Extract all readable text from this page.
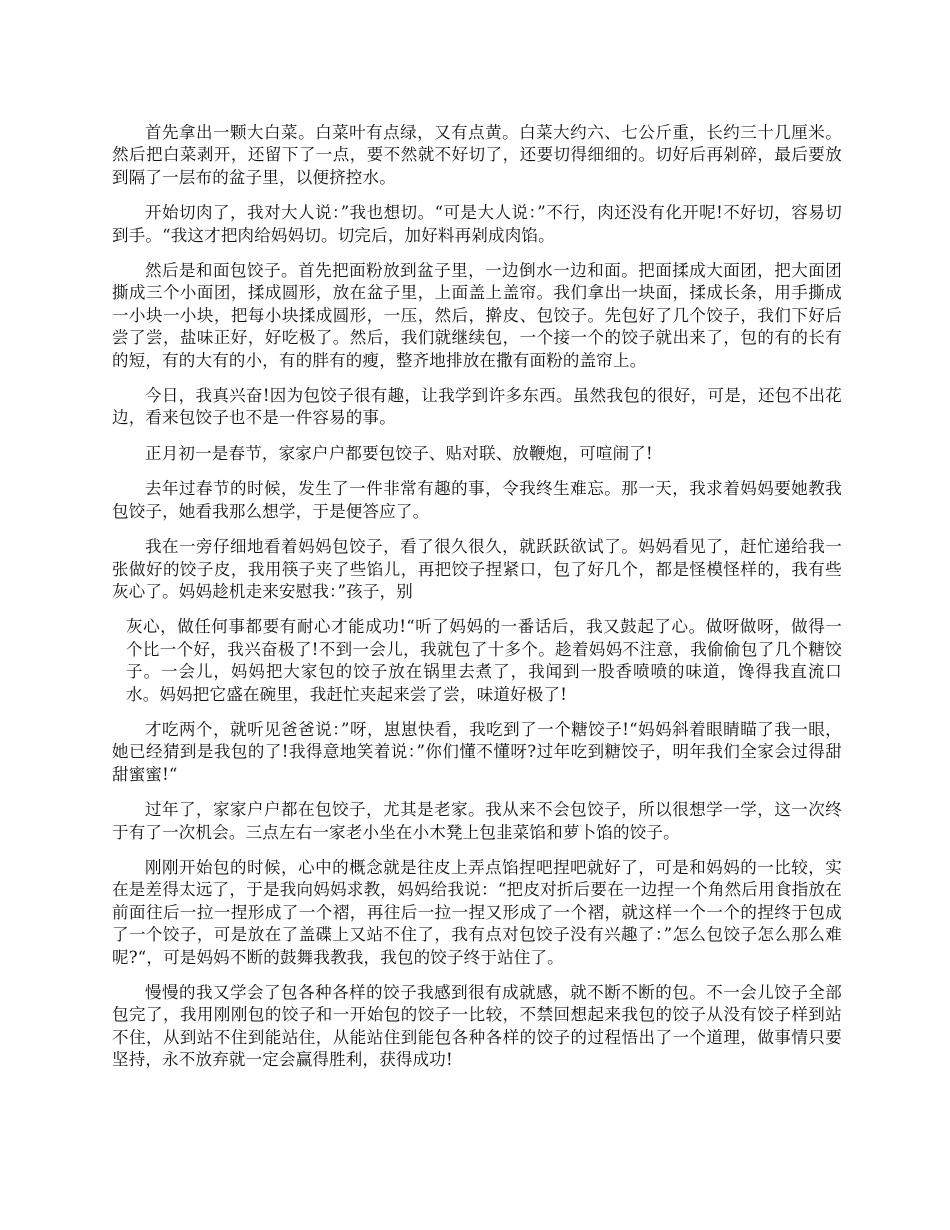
首先拿出一颗大白菜。白菜叶有点绿，又有点黄。白菜大约六、七公斤重，长约三十几厘米。然后把白菜剥开，还留下了一点，要不然就不好切了，还要切得细细的。切好后再剁碎，最后要放到隔了一层布的盆子里，以便挤控水。

开始切肉了，我对大人说：”我也想切。“可是大人说：”不行，肉还没有化开呢!不好切，容易切到手。“我这才把肉给妈妈切。切完后，加好料再剁成肉馅。

然后是和面包饺子。首先把面粉放到盆子里，一边倒水一边和面。把面揉成大面团，把大面团撕成三个小面团，揉成圆形，放在盆子里，上面盖上盖帘。我们拿出一块面，揉成长条，用手撕成一小块一小块，把每小块揉成圆形，一压，然后，擀皮、包饺子。先包好了几个饺子，我们下好后尝了尝，盐味正好，好吃极了。然后，我们就继续包，一个接一个的饺子就出来了，包的有的长有的短，有的大有的小，有的胖有的瘦，整齐地排放在撒有面粉的盖帘上。

今日，我真兴奋!因为包饺子很有趣，让我学到许多东西。虽然我包的很好，可是，还包不出花边，看来包饺子也不是一件容易的事。

正月初一是春节，家家户户都要包饺子、贴对联、放鞭炮，可喧闹了!

去年过春节的时候，发生了一件非常有趣的事，令我终生难忘。那一天，我求着妈妈要她教我包饺子，她看我那么想学，于是便答应了。

我在一旁仔细地看着妈妈包饺子，看了很久很久，就跃跃欲试了。妈妈看见了，赶忙递给我一张做好的饺子皮，我用筷子夹了些馅儿，再把饺子捏紧口，包了好几个，都是怪模怪样的，我有些灰心了。妈妈趁机走来安慰我：”孩子，别

灰心，做任何事都要有耐心才能成功!“听了妈妈的一番话后，我又鼓起了心。做呀做呀，做得一个比一个好，我兴奋极了!不到一会儿，我就包了十多个。趁着妈妈不注意，我偷偷包了几个糖饺子。一会儿，妈妈把大家包的饺子放在锅里去煮了，我闻到一股香喷喷的味道，馋得我直流口水。妈妈把它盛在碗里，我赶忙夹起来尝了尝，味道好极了!

才吃两个，就听见爸爸说：”呀，崽崽快看，我吃到了一个糖饺子!“妈妈斜着眼睛瞄了我一眼，她已经猜到是我包的了!我得意地笑着说：”你们懂不懂呀?过年吃到糖饺子，明年我们全家会过得甜甜蜜蜜!“

过年了，家家户户都在包饺子，尤其是老家。我从来不会包饺子，所以很想学一学，这一次终于有了一次机会。三点左右一家老小坐在小木凳上包韭菜馅和萝卜馅的饺子。

刚刚开始包的时候，心中的概念就是往皮上弄点馅捏吧捏吧就好了，可是和妈妈的一比较，实在是差得太远了，于是我向妈妈求教，妈妈给我说：“把皮对折后要在一边捏一个角然后用食指放在前面往后一拉一捏形成了一个褶，再往后一拉一捏又形成了一个褶，就这样一个一个的捏终于包成了一个饺子，可是放在了盖碟上又站不住了，我有点对包饺子没有兴趣了：”怎么包饺子怎么那么难呢?“，可是妈妈不断的鼓舞我教我，我包的饺子终于站住了。

慢慢的我又学会了包各种各样的饺子我感到很有成就感，就不断不断的包。不一会儿饺子全部包完了，我用刚刚包的饺子和一开始包的饺子一比较，不禁回想起来我包的饺子从没有饺子样到站不住，从到站不住到能站住，从能站住到能包各种各样的饺子的过程悟出了一个道理，做事情只要坚持，永不放弃就一定会赢得胜利，获得成功!
